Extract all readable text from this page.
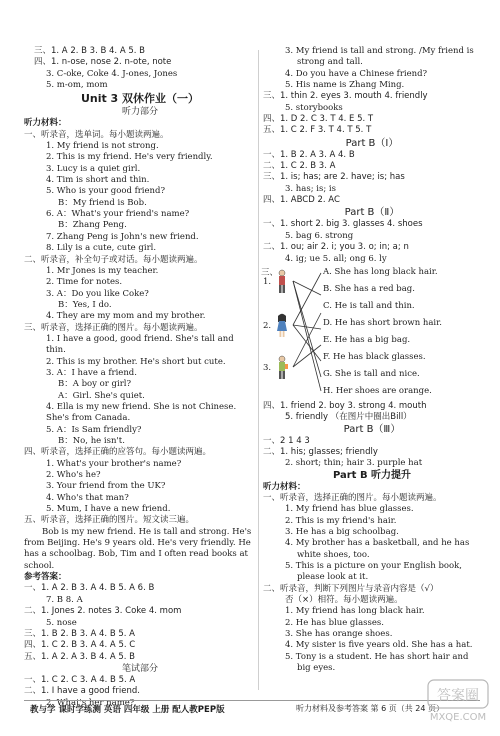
三、1. A 2. B 3. B 4. A 5. B
四、1. n-ose, nose 2. n-ote, note
3. C-oke, Coke 4. J-ones, Jones
5. m-om, mom
Unit 3 双休作业（一）
听力部分
听力材料：
一、听录音，选单词。每小题读两遍。
1. My friend is not strong.
2. This is my friend. He's very friendly.
3. Lucy is a quiet girl.
4. Tim is short and thin.
5. Who is your good friend?
B：My friend is Bob.
6. A：What's your friend's name?
B：Zhang Peng.
7. Zhang Peng is John's new friend.
8. Lily is a cute, cute girl.
二、听录音，补全句子或对话。每小题读两遍。
1. Mr Jones is my teacher.
2. Time for notes.
3. A：Do you like Coke?
B：Yes, I do.
4. They are my mom and my brother.
三、听录音，选择正确的图片。每小题读两遍。
1. I have a good, good friend. She's tall and
thin.
2. This is my brother. He's short but cute.
3. A：I have a friend.
B：A boy or girl?
A：Girl. She's quiet.
4. Ella is my new friend. She is not Chinese.
She's from Canada.
5. A：Is Sam friendly?
B：No, he isn't.
四、听录音，选择正确的应答句。每小题读两遍。
1. What's your brother's name?
2. Who's he?
3. Your friend from the UK?
4. Who's that man?
5. Mum, I have a new friend.
五、听录音，选择正确的图片。短文读三遍。
Bob is my new friend. He is tall and strong. He's from Beijing. He's 9 years old. He's very friendly. He has a schoolbag. Bob, Tim and I often read books at school.
参考答案：
一、1. A 2. B 3. A 4. B 5. A 6. B
7. B 8. A
二、1. Jones 2. notes 3. Coke 4. mom
5. nose
三、1. B 2. B 3. A 4. B 5. A
四、1. C 2. B 3. A 4. A 5. C
五、1. A 2. A 3. B 4. A 5. B
笔试部分
一、1. C 2. C 3. A 4. B 5. A
二、1. I have a good friend.
2. What's her name?
3. My friend is tall and strong. /My friend is
strong and tall.
4. Do you have a Chinese friend?
5. His name is Zhang Ming.
三、1. thin 2. eyes 3. mouth 4. friendly
5. storybooks
四、1. D 2. C 3. T 4. E 5. T
五、1. C 2. F 3. T 4. T 5. T
Part B（Ⅰ）
一、1. B 2. A 3. A 4. B
二、1. C 2. B 3. A
三、1. is; has; are 2. have; is; has
3. has; is; is
四、1. ABCD 2. AC
Part B（Ⅱ）
一、1. short 2. big 3. glasses 4. shoes
5. bag 6. strong
二、1. ou; air 2. i; you 3. o; in; a; n
4. ig; ue 5. all; ong 6. ly
三、
1.
2.
3.
A. She has long black hair.
B. She has a red bag.
C. He is tall and thin.
D. He has short brown hair.
E. He has a big bag.
F. He has black glasses.
G. She is tall and nice.
H. Her shoes are orange.
四、1. friend 2. boy 3. strong 4. mouth
5. friendly （在图片中圈出Bill）
Part B（Ⅲ）
一、2 1 4 3
二、1. his; glasses; friendly
2. short; thin; hair 3. purple hat
Part B 听力提升
听力材料：
一、听录音，选择正确的图片。每小题读两遍。
1. My friend has blue glasses.
2. This is my friend's hair.
3. He has a big schoolbag.
4. My brother has a basketball, and he has
white shoes, too.
5. This is a picture on your English book,
please look at it.
二、听录音，判断下列图片与录音内容是（√）
否（×）相符。每小题读两遍。
1. My friend has long black hair.
2. He has blue glasses.
3. She has orange shoes.
4. My sister is five years old. She has a hat.
5. Tony is a student. He has short hair and
big eyes.
教与学 课时学练测 英语 四年级 上册 配人教PEP版	听力材料及参考答案 第 6 页（共 24 页）
答案圈
MXQE.COM
